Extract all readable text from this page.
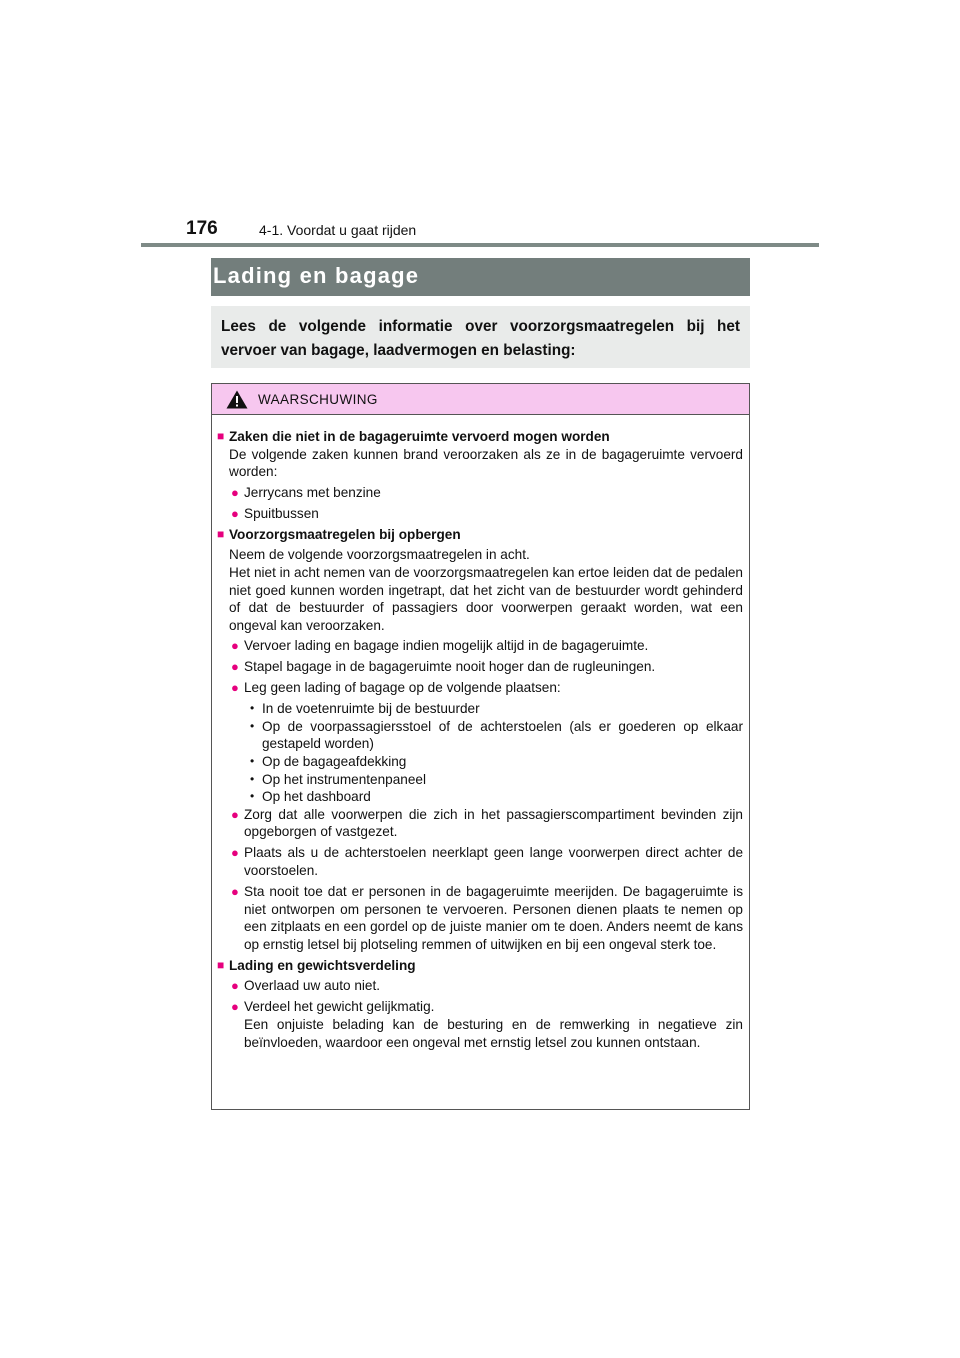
176	4-1. Voordat u gaat rijden
Lading en bagage
Lees de volgende informatie over voorzorgsmaatregelen bij het vervoer van bagage, laadvermogen en belasting:
WAARSCHUWING
■ Zaken die niet in de bagageruimte vervoerd mogen worden
De volgende zaken kunnen brand veroorzaken als ze in de bagageruimte vervoerd worden:
● Jerrycans met benzine
● Spuitbussen
■ Voorzorgsmaatregelen bij opbergen
Neem de volgende voorzorgsmaatregelen in acht.
Het niet in acht nemen van de voorzorgsmaatregelen kan ertoe leiden dat de pedalen niet goed kunnen worden ingetrapt, dat het zicht van de bestuurder wordt gehinderd of dat de bestuurder of passagiers door voorwerpen geraakt worden, wat een ongeval kan veroorzaken.
● Vervoer lading en bagage indien mogelijk altijd in de bagageruimte.
● Stapel bagage in de bagageruimte nooit hoger dan de rugleuningen.
● Leg geen lading of bagage op de volgende plaatsen:
• In de voetenruimte bij de bestuurder
• Op de voorpassagiersstoel of de achterstoelen (als er goederen op elkaar gestapeld worden)
• Op de bagageafdekking
• Op het instrumentenpaneel
• Op het dashboard
● Zorg dat alle voorwerpen die zich in het passagierscompartiment bevinden zijn opgeborgen of vastgezet.
● Plaats als u de achterstoelen neerklapt geen lange voorwerpen direct achter de voorstoelen.
● Sta nooit toe dat er personen in de bagageruimte meerijden. De bagageruimte is niet ontworpen om personen te vervoeren. Personen dienen plaats te nemen op een zitplaats en een gordel op de juiste manier om te doen. Anders neemt de kans op ernstig letsel bij plotseling remmen of uitwijken en bij een ongeval sterk toe.
■ Lading en gewichtsverdeling
● Overlaad uw auto niet.
● Verdeel het gewicht gelijkmatig.
Een onjuiste belading kan de besturing en de remwerking in negatieve zin beïnvloeden, waardoor een ongeval met ernstig letsel zou kunnen ontstaan.
